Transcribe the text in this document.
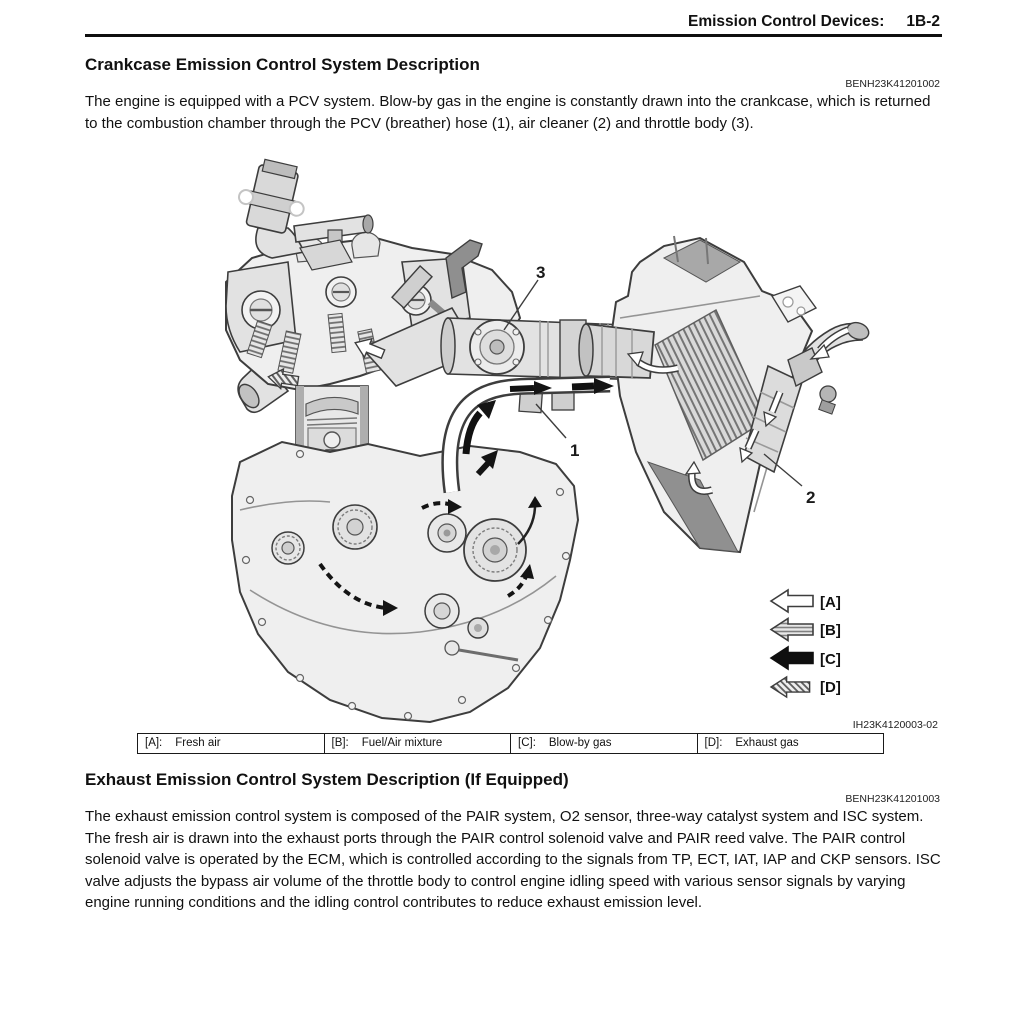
Emission Control Devices: 1B-2
Crankcase Emission Control System Description
BENH23K41201002
The engine is equipped with a PCV system. Blow-by gas in the engine is constantly drawn into the crankcase, which is returned to the combustion chamber through the PCV (breather) hose (1), air cleaner (2) and throttle body (3).
3
1
2
[A]
[B]
[C]
[D]
IH23K4120003-02
[A]: Fresh air	[B]: Fuel/Air mixture	[C]: Blow-by gas	[D]: Exhaust gas
Exhaust Emission Control System Description (If Equipped)
BENH23K41201003
The exhaust emission control system is composed of the PAIR system, O2 sensor, three-way catalyst system and ISC system. The fresh air is drawn into the exhaust ports through the PAIR control solenoid valve and PAIR reed valve. The PAIR control solenoid valve is operated by the ECM, which is controlled according to the signals from TP, ECT, IAT, IAP and CKP sensors. ISC valve adjusts the bypass air volume of the throttle body to control engine idling speed with various sensor signals by varying engine running conditions and the idling control contributes to reduce exhaust emission level.
